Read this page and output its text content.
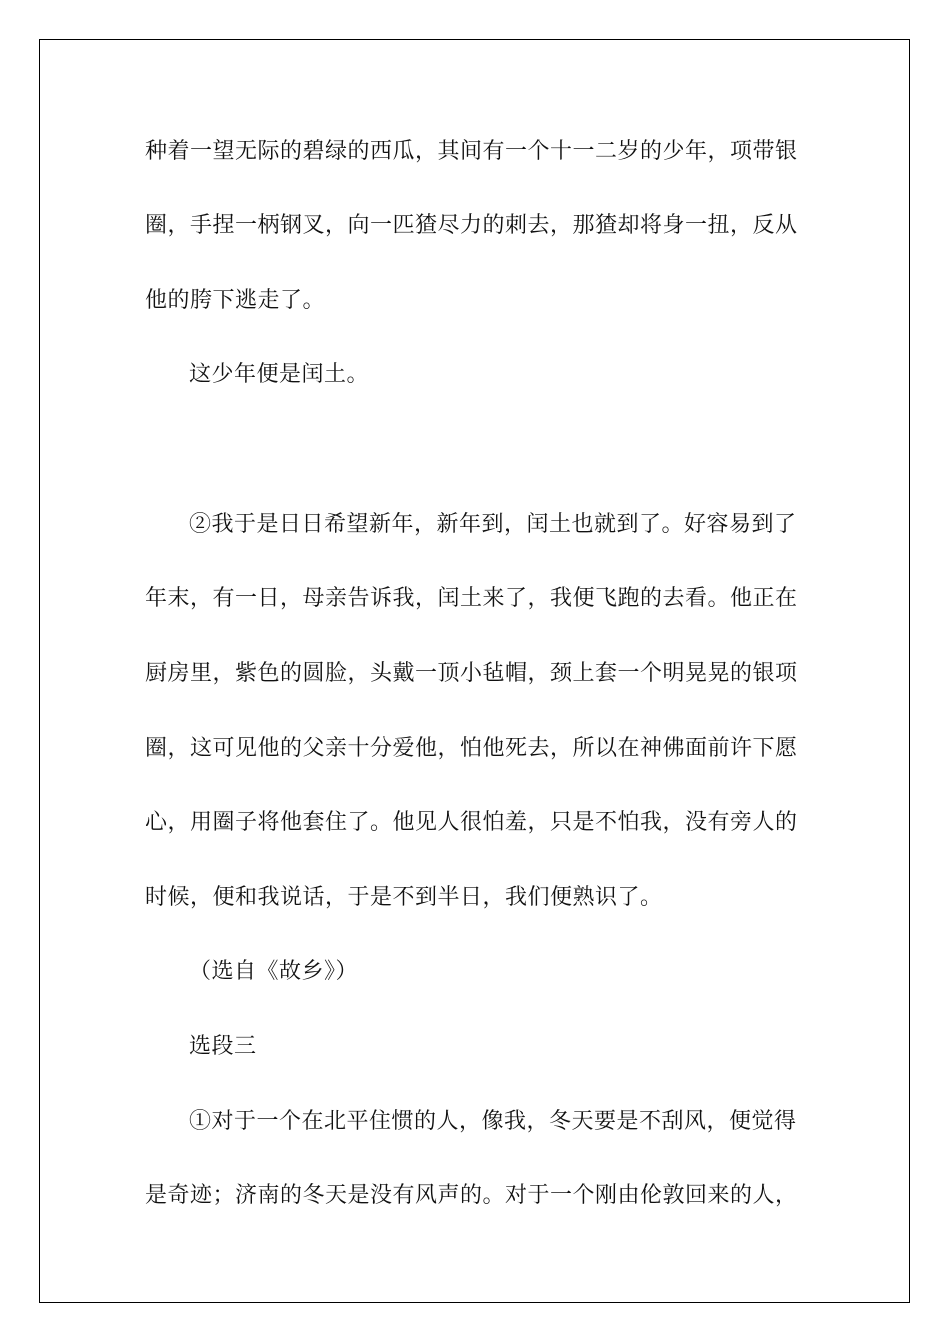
种着一望无际的碧绿的西瓜，其间有一个十一二岁的少年，项带银
圈，手捏一柄钢叉，向一匹猹尽力的刺去，那猹却将身一扭，反从
他的胯下逃走了。
这少年便是闰土。
②我于是日日希望新年，新年到，闰土也就到了。好容易到了
年末，有一日，母亲告诉我，闰土来了，我便飞跑的去看。他正在
厨房里，紫色的圆脸，头戴一顶小毡帽，颈上套一个明晃晃的银项
圈，这可见他的父亲十分爱他，怕他死去，所以在神佛面前许下愿
心，用圈子将他套住了。他见人很怕羞，只是不怕我，没有旁人的
时候，便和我说话，于是不到半日，我们便熟识了。
（选自《故乡》）
选段三
①对于一个在北平住惯的人，像我，冬天要是不刮风，便觉得
是奇迹；济南的冬天是没有风声的。对于一个刚由伦敦回来的人，
